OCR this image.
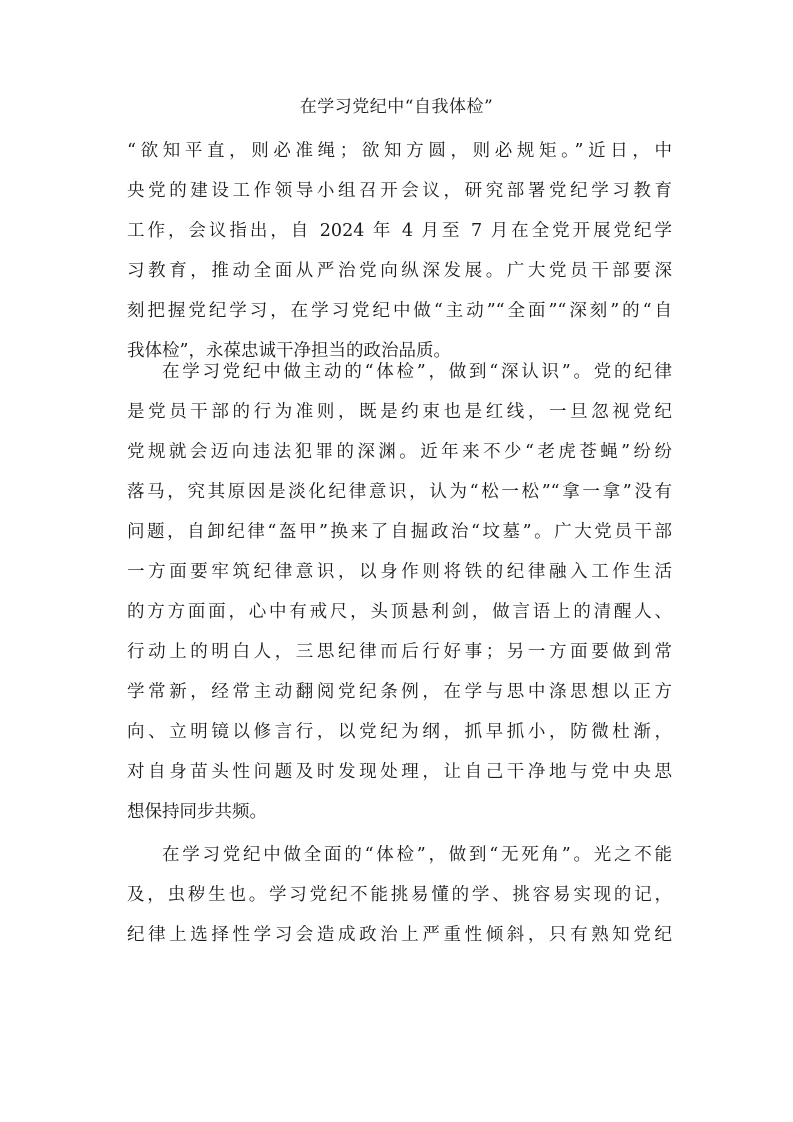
在学习党纪中“自我体检”
“欲知平直，则必准绳；欲知方圆，则必规矩。”近日，中
央党的建设工作领导小组召开会议，研究部署党纪学习教育
工作，会议指出，自 2024 年 4 月至 7 月在全党开展党纪学
习教育，推动全面从严治党向纵深发展。广大党员干部要深
刻把握党纪学习，在学习党纪中做“主动”“全面”“深刻”的“自
我体检”，永葆忠诚干净担当的政治品质。
在学习党纪中做主动的“体检”，做到“深认识”。党的纪律
是党员干部的行为准则，既是约束也是红线，一旦忽视党纪
党规就会迈向违法犯罪的深渊。近年来不少“老虎苍蝇”纷纷
落马，究其原因是淡化纪律意识，认为“松一松”“拿一拿”没有
问题，自卸纪律“盔甲”换来了自掘政治“坟墓”。广大党员干部
一方面要牢筑纪律意识，以身作则将铁的纪律融入工作生活
的方方面面，心中有戒尺，头顶悬利剑，做言语上的清醒人、
行动上的明白人，三思纪律而后行好事；另一方面要做到常
学常新，经常主动翻阅党纪条例，在学与思中涤思想以正方
向、立明镜以修言行，以党纪为纲，抓早抓小，防微杜渐，
对自身苗头性问题及时发现处理，让自己干净地与党中央思
想保持同步共频。
在学习党纪中做全面的“体检”，做到“无死角”。光之不能
及，虫秽生也。学习党纪不能挑易懂的学、挑容易实现的记，
纪律上选择性学习会造成政治上严重性倾斜，只有熟知党纪
